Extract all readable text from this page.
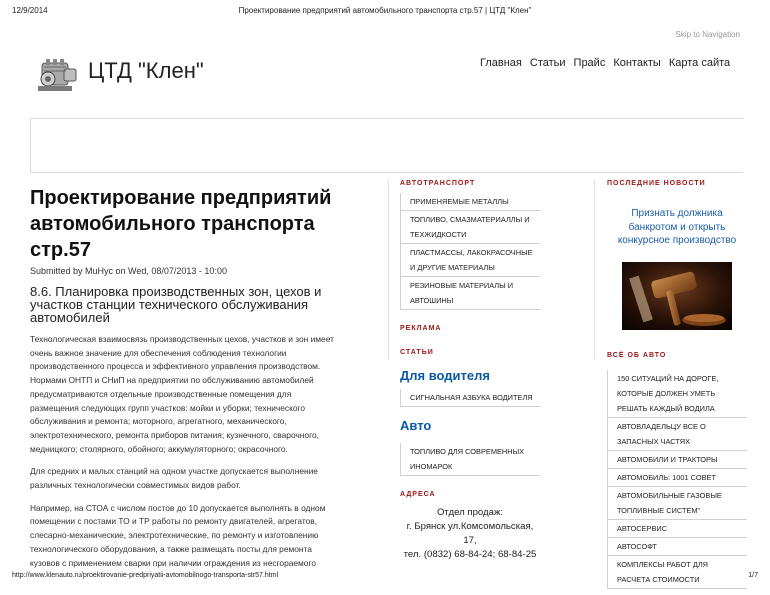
12/9/2014	Проектирование предприятий автомобильного транспорта стр.57 | ЦТД "Клен"
Skip to Navigation
ЦТД "Клен"	Главная Статьи Прайс Контакты Карта сайта
Проектирование предприятий
автомобильного транспорта
стр.57
Submitted by MuHyc on Wed, 08/07/2013 - 10:00
8.6. Планировка производственных зон, цехов и
участков станции технического обслуживания
автомобилей

Технологическая взаимосвязь производственных цехов, участков и зон имеет
очень важное значение для обеспечения соблюдения технологии
производственного процесса и эффективного управления производством.
Нормами ОНТП и СНиП на предприятии по обслуживанию автомобилей
предусматриваются отдельные производственные помещения для
размещения следующих групп участков: мойки и уборки; технического
обслуживания и ремонта; моторного, агрегатного, механического,
электротехнического, ремонта приборов питания; кузнечного, сварочного,
медницкого; столярного, обойного; аккумуляторного; окрасочного.

Для средних и малых станций на одном участке допускается выполнение
различных технологически совместимых видов работ.

Например, на СТОА с числом постов до 10 допускается выполнять в одном
помещении с постами ТО и ТР работы по ремонту двигателей, агрегатов,
слесарно-механические, электротехнические, по ремонту и изготовлению
технологического оборудования, а также размещать посты для ремонта
кузовов с применением сварки при наличии ограждения из несгораемого

АВТОТРАНСПОРТ
ПРИМЕНЯЕМЫЕ МЕТАЛЛЫ
ТОПЛИВО, СМАЗМАТЕРИАЛЛЫ И
ТЕХЖИДКОСТИ
ПЛАСТМАССЫ, ЛАКОКРАСОЧНЫЕ
И ДРУГИЕ МАТЕРИАЛЫ
РЕЗИНОВЫЕ МАТЕРИАЛЫ И
АВТОШИНЫ
РЕКЛАМА
СТАТЬИ
Для водителя
СИГНАЛЬНАЯ АЗБУКА ВОДИТЕЛЯ
Авто
ТОПЛИВО ДЛЯ СОВРЕМЕННЫХ
ИНОМАРОК
АДРЕСА
Отдел продаж:
г. Брянск ул.Комсомольская, 17,
тел. (0832) 68-84-24; 68-84-25
ПОСЛЕДНИЕ НОВОСТИ
Признать должника
банкротом и открыть
конкурсное производство
ВСЁ ОБ АВТО
150 СИТУАЦИЙ НА ДОРОГЕ,
КОТОРЫЕ ДОЛЖЕН УМЕТЬ
РЕШАТЬ КАЖДЫЙ ВОДИЛА
АВТОВЛАДЕЛЬЦУ ВСЕ О
ЗАПАСНЫХ ЧАСТЯХ
АВТОМОБИЛИ И ТРАКТОРЫ
АВТОМОБИЛЬ: 1001 СОВЕТ
АВТОМОБИЛЬНЫЕ ГАЗОВЫЕ
ТОПЛИВНЫЕ СИСТЕМ"
АВТОСЕРВИС
АВТОСОФТ
КОМПЛЕКСЫ РАБОТ ДЛЯ
РАСЧЕТА СТОИМОСТИ
http://www.klenauto.ru/proektirovanie-predpriyatii-avtomobilnogo-transporta-str57.html	1/7
